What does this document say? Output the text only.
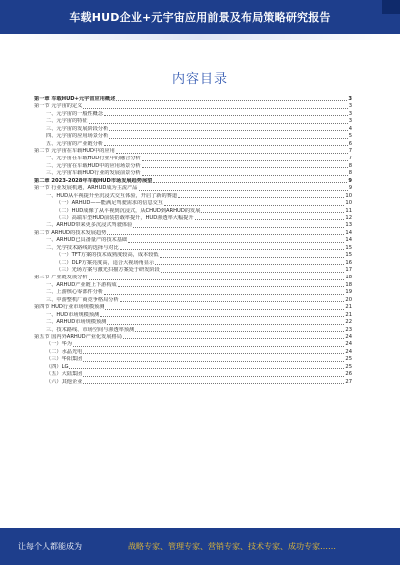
车载HUD企业+元宇宙应用前景及布局策略研究报告
内容目录
第一章 车载HUD+元宇宙应用概述	3
第一节 元宇宙的定义	3
一、元宇宙的一般性概念	3
二、元宇宙的特征	3
三、元宇宙的发展阶段分析	4
四、元宇宙的应用场景分析	5
五、元宇宙的产业链分析	6
第二节 元宇宙在车载HUD中的应用	7
一、元宇宙在车载HUD行业中的融合分析	7
二、元宇宙在车载HUD中的应用场景分析	8
三、元宇宙车载HUD行业的发展前景分析	8
第二章 2023-2028年车载HUD市场发展趋势展望	9
第一节 行业发展机遇，ARHUD成为主流产品	9
一、HUD从平视提升至沉浸式交互体验，开启了新的赛道	10
（一）ARHUD——能满足驾驶需求的信息交互	10
（二）HUD成像了从平视到沉浸式，从CHUD到ARHUD的发展	11
（三）高端车型HUD前装搭载率提升，HUD渗透率大幅提升	12
二、ARHUD带来更多沉浸式驾驶体验	13
第二节 ARHUD的技术发展趋势	14
一、ARHUD已具备量产的技术基础	14
二、光学技术路线的选择与对比	15
（一）TFT方案的技术成熟度较高，成本较低	15
（二）DLP方案亮度高，适合大视场角显示	16
（三）光场方案与激光扫描方案处于研发阶段	17
第三节 产业链发展分析	18
一、ARHUD产业链上下游构成	18
二、上游核心零部件分析	19
三、中游整机厂商竞争格局分析	20
第四节 HUD行业市场规模预测	21
一、HUD市场规模预测	21
二、ARHUD市场规模预测	22
三、技术路线、市场空间与渗透率预测	23
第五节 国内外ARHUD产业化发展格局	24
（一）华为	24
（二）水晶光电	24
（三）华阳集团	25
（四）LG	25
（五）大陆集团	26
（六）其他企业	27
让每个人都能成为	战略专家、管理专家、营销专家、技术专家、成功专家……
